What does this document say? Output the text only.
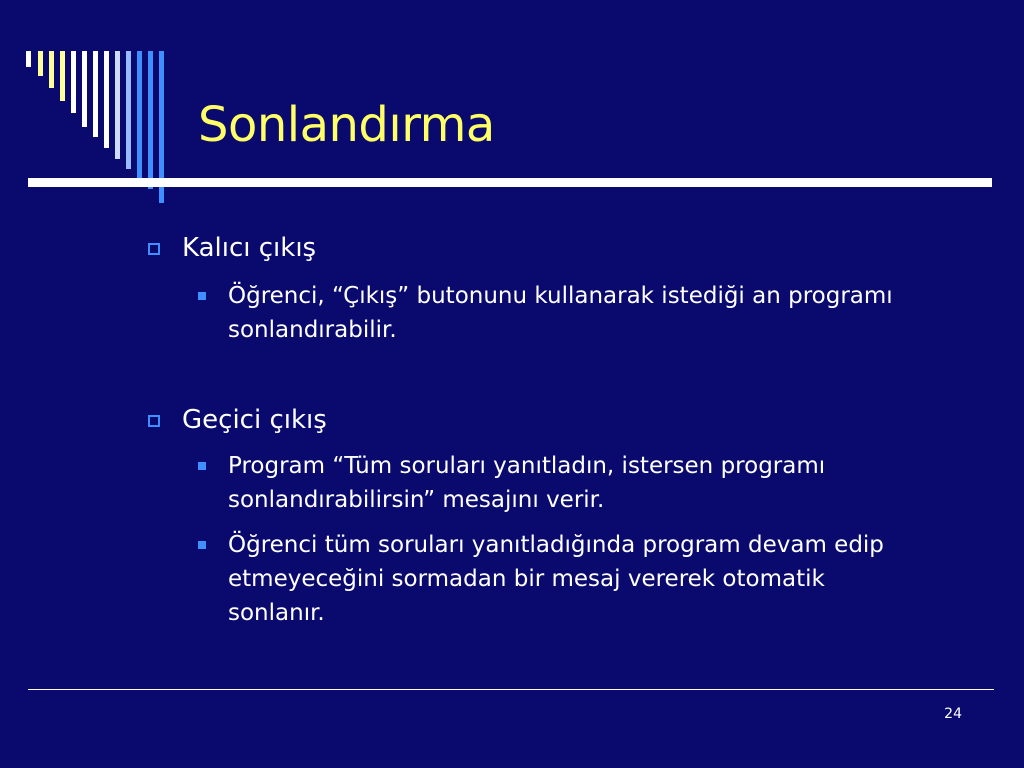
Sonlandırma
Kalıcı çıkış
Öğrenci, “Çıkış” butonunu kullanarak istediği an programı sonlandırabilir.
Geçici çıkış
Program “Tüm soruları yanıtladın, istersen programı sonlandırabilirsin” mesajını verir.
Öğrenci tüm soruları yanıtladığında program devam edip etmeyeceğini sormadan bir mesaj vererek otomatik sonlanır.
24
